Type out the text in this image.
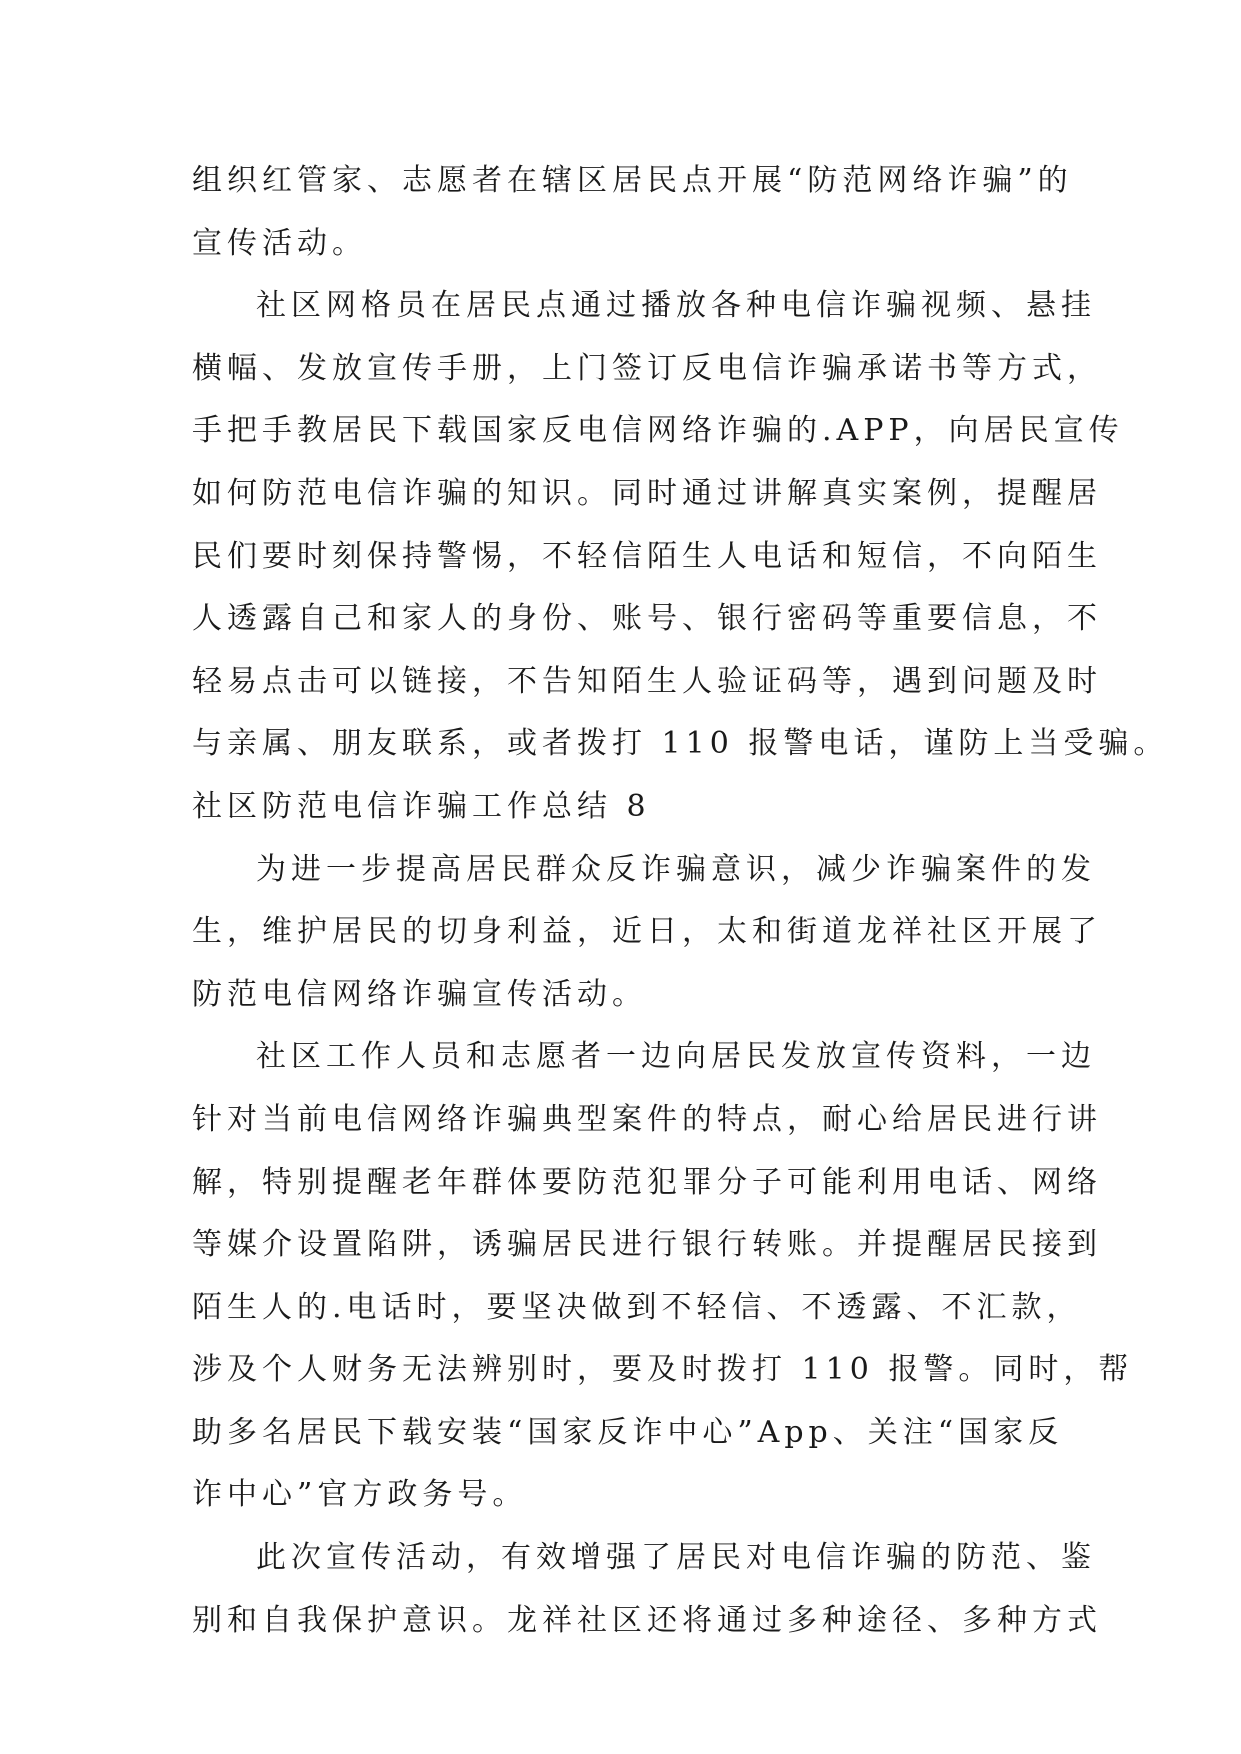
组织红管家、志愿者在辖区居民点开展“防范网络诈骗”的
宣传活动。
社区网格员在居民点通过播放各种电信诈骗视频、悬挂
横幅、发放宣传手册，上门签订反电信诈骗承诺书等方式，
手把手教居民下载国家反电信网络诈骗的.APP，向居民宣传
如何防范电信诈骗的知识。同时通过讲解真实案例，提醒居
民们要时刻保持警惕，不轻信陌生人电话和短信，不向陌生
人透露自己和家人的身份、账号、银行密码等重要信息，不
轻易点击可以链接，不告知陌生人验证码等，遇到问题及时
与亲属、朋友联系，或者拨打 110 报警电话，谨防上当受骗。
社区防范电信诈骗工作总结 8
为进一步提高居民群众反诈骗意识，减少诈骗案件的发
生，维护居民的切身利益，近日，太和街道龙祥社区开展了
防范电信网络诈骗宣传活动。
社区工作人员和志愿者一边向居民发放宣传资料，一边
针对当前电信网络诈骗典型案件的特点，耐心给居民进行讲
解，特别提醒老年群体要防范犯罪分子可能利用电话、网络
等媒介设置陷阱，诱骗居民进行银行转账。并提醒居民接到
陌生人的.电话时，要坚决做到不轻信、不透露、不汇款，
涉及个人财务无法辨别时，要及时拨打 110 报警。同时，帮
助多名居民下载安装“国家反诈中心”App、关注“国家反
诈中心”官方政务号。
此次宣传活动，有效增强了居民对电信诈骗的防范、鉴
别和自我保护意识。龙祥社区还将通过多种途径、多种方式
